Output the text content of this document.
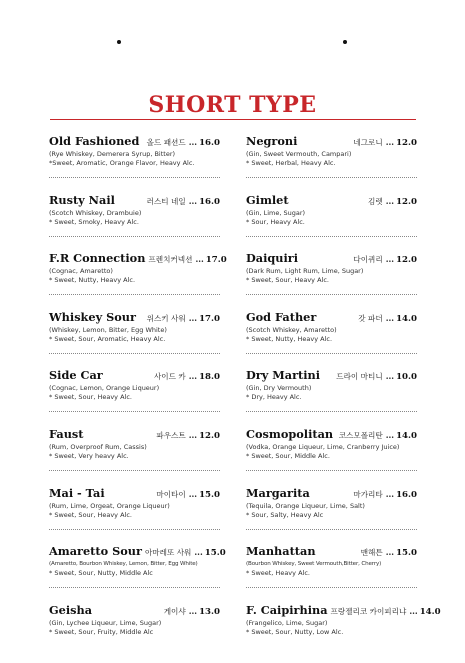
SHORT TYPE
Old Fashioned 올드 패션드 ... 16.0
(Rye Whiskey, Demerera Syrup, Bitter)
*Sweet, Aromatic, Orange Flavor, Heavy Alc.
Rusty Nail	러스티 네일 ... 16.0
(Scotch Whiskey, Drambuie)
* Sweet, Smoky, Heavy Alc.
F.R Connection 프렌치커넥션 ... 17.0
(Cognac, Amaretto)
* Sweet, Nutty, Heavy Alc.
Whiskey Sour	위스키 사워 ... 17.0
(Whiskey, Lemon, Bitter, Egg White)
* Sweet, Sour, Aromatic, Heavy Alc.
Side Car	사이드 카 ... 18.0
(Cognac, Lemon, Orange Liqueur)
* Sweet, Sour, Heavy Alc.
Faust	파우스트 ... 12.0
(Rum, Overproof Rum, Cassis)
* Sweet, Very heavy Alc.
Mai - Tai	마이타이 ... 15.0
(Rum, Lime, Orgeat, Orange Liqueur)
* Sweet, Sour, Heavy Alc.
Amaretto Sour 아마레또 사워 ... 15.0
(Amaretto, Bourbon Whiskey, Lemon, Bitter, Egg White)
* Sweet, Sour, Nutty, Middle Alc
Geisha	게이샤 ... 13.0
(Gin, Lychee Liqueur, Lime, Sugar)
* Sweet, Sour, Fruity, Middle Alc
Negroni	네그로니 ... 12.0
(Gin, Sweet Vermouth, Campari)
* Sweet, Herbal, Heavy Alc.
Gimlet	김렛 ... 12.0
(Gin, Lime, Sugar)
* Sour, Heavy Alc.
Daiquiri	다이퀴리 ... 12.0
(Dark Rum, Light Rum, Lime, Sugar)
* Sweet, Sour, Heavy Alc.
God Father	갓 파더 ... 14.0
(Scotch Whiskey, Amaretto)
* Sweet, Nutty, Heavy Alc.
Dry Martini	드라이 마티니 ... 10.0
(Gin, Dry Vermouth)
* Dry, Heavy Alc.
Cosmopolitan 코스모폴리탄 ... 14.0
(Vodka, Orange Liqueur, Lime, Cranberry Juice)
* Sweet, Sour, Middle Alc.
Margarita	마가리타 ... 16.0
(Tequila, Orange Liqueur, Lime, Salt)
* Sour, Salty, Heavy Alc
Manhattan	맨해튼 ... 15.0
(Bourbon Whiskey, Sweet Vermouth,Bitter, Cherry)
* Sweet, Heavy Alc.
F. Caipirhina 프랑젤리코 카이피리냐 ... 14.0
(Frangelico, Lime, Sugar)
* Sweet, Sour, Nutty, Low Alc.
